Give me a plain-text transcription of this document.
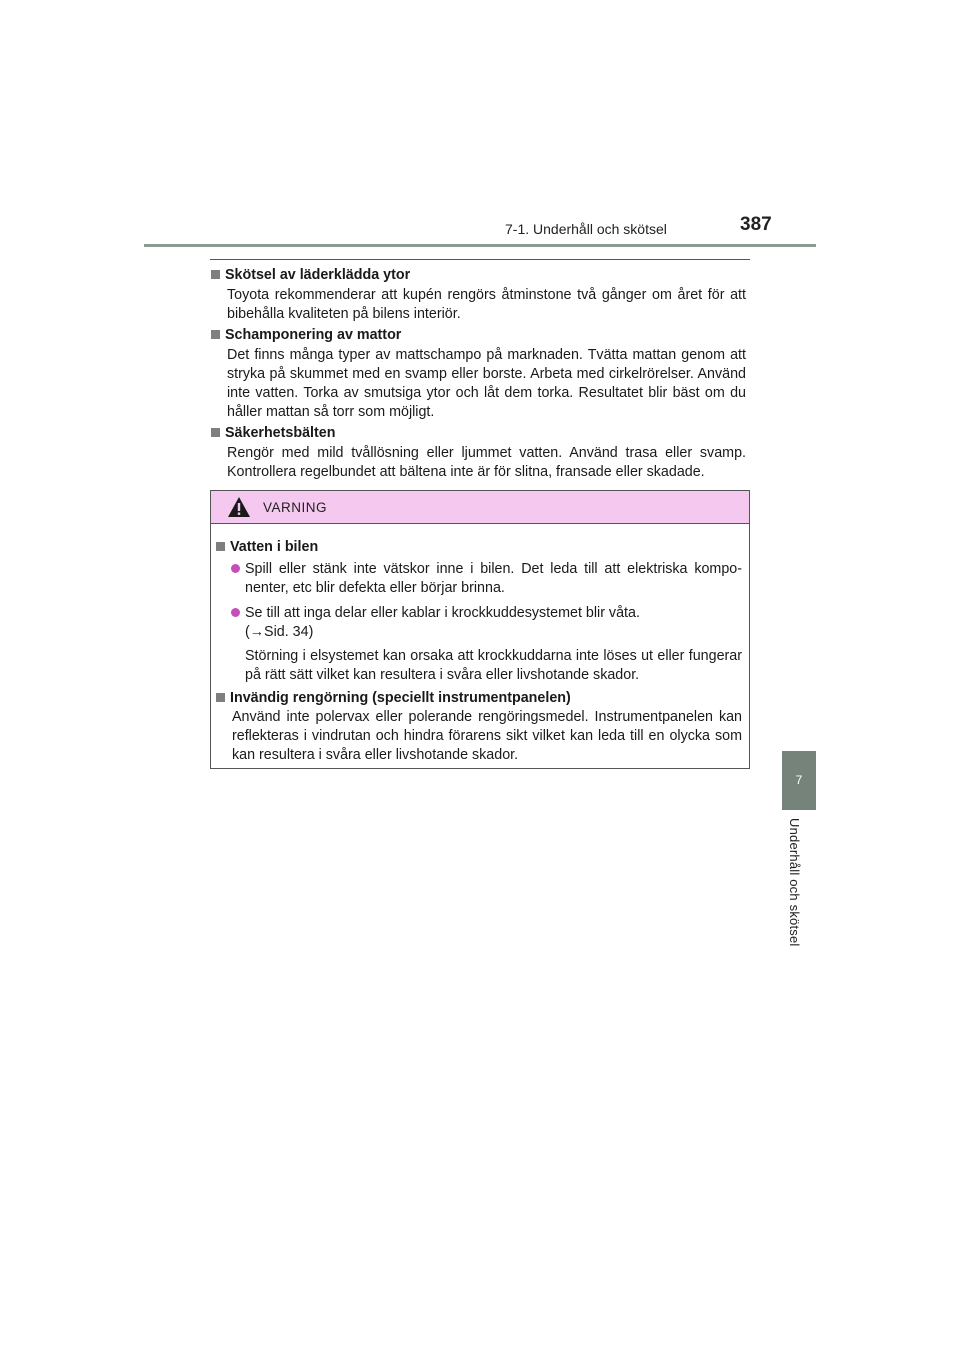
7-1. Underhåll och skötsel	387
Skötsel av läderklädda ytor
Toyota rekommenderar att kupén rengörs åtminstone två gånger om året för att bibehålla kvaliteten på bilens interiör.
Schamponering av mattor
Det finns många typer av mattschampo på marknaden. Tvätta mattan genom att stryka på skummet med en svamp eller borste. Arbeta med cirkelrörelser. Använd inte vatten. Torka av smutsiga ytor och låt dem torka. Resultatet blir bäst om du håller mattan så torr som möjligt.
Säkerhetsbälten
Rengör med mild tvållösning eller ljummet vatten. Använd trasa eller svamp. Kontrollera regelbundet att bältena inte är för slitna, fransade eller skadade.
VARNING
Vatten i bilen
Spill eller stänk inte vätskor inne i bilen. Det leda till att elektriska kompo-nenter, etc blir defekta eller börjar brinna.
Se till att inga delar eller kablar i krockkuddesystemet blir våta.
(→Sid. 34)
Störning i elsystemet kan orsaka att krockkuddarna inte löses ut eller fungerar på rätt sätt vilket kan resultera i svåra eller livshotande skador.
Invändig rengörning (speciellt instrumentpanelen)
Använd inte polervax eller polerande rengöringsmedel. Instrumentpanelen kan reflekteras i vindrutan och hindra förarens sikt vilket kan leda till en olycka som kan resultera i svåra eller livshotande skador.
7
Underhåll och skötsel
